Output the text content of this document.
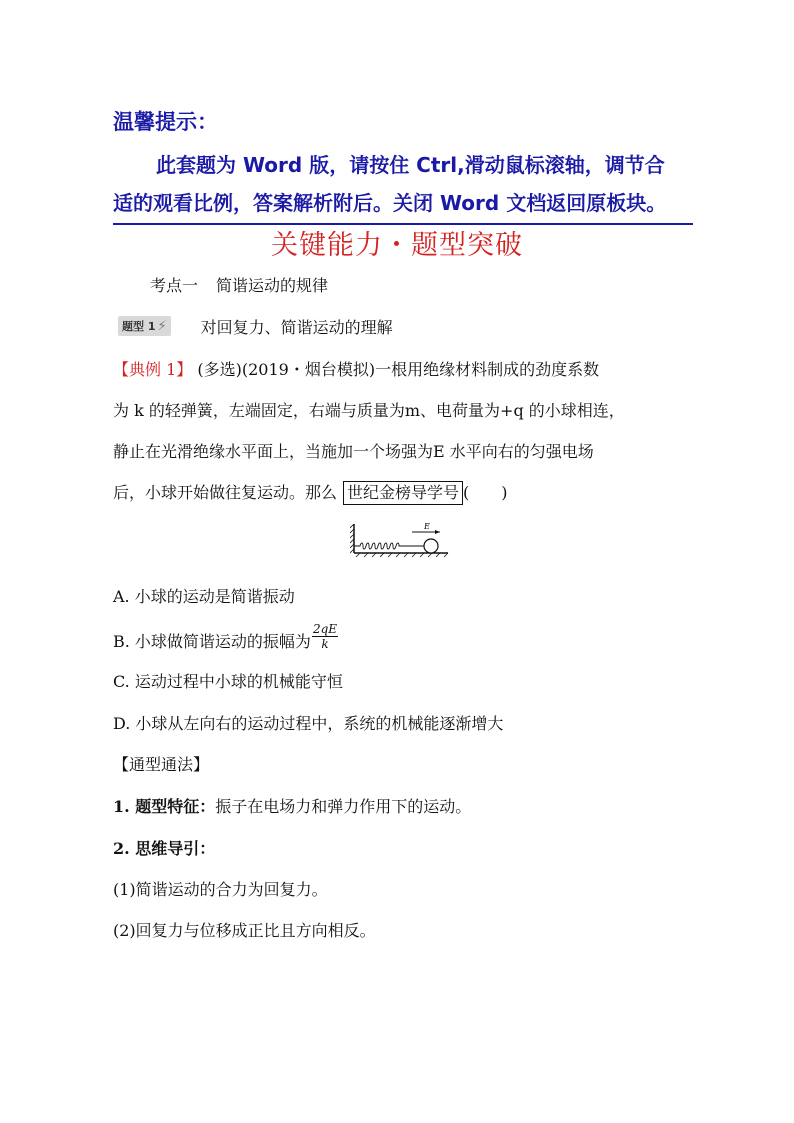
温馨提示：
此套题为 Word 版，请按住 Ctrl,滑动鼠标滚轴，调节合
适的观看比例，答案解析附后。关闭 Word 文档返回原板块。
关键能力・题型突破
考点一 简谐运动的规律
题型 1 ⚡ 对回复力、简谐运动的理解
【典例 1】 (多选)(2019・烟台模拟)一根用绝缘材料制成的劲度系数
为 k 的轻弹簧，左端固定，右端与质量为m、电荷量为+q 的小球相连，
静止在光滑绝缘水平面上，当施加一个场强为E 水平向右的匀强电场
后，小球开始做往复运动。那么 世纪金榜导学号 (　　)
E
A. 小球的运动是简谐振动
B. 小球做简谐运动的振幅为 $\frac{2qE}{k}$
C. 运动过程中小球的机械能守恒
D. 小球从左向右的运动过程中，系统的机械能逐渐增大
【通型通法】
1. 题型特征：振子在电场力和弹力作用下的运动。
2. 思维导引：
(1)简谐运动的合力为回复力。
(2)回复力与位移成正比且方向相反。
